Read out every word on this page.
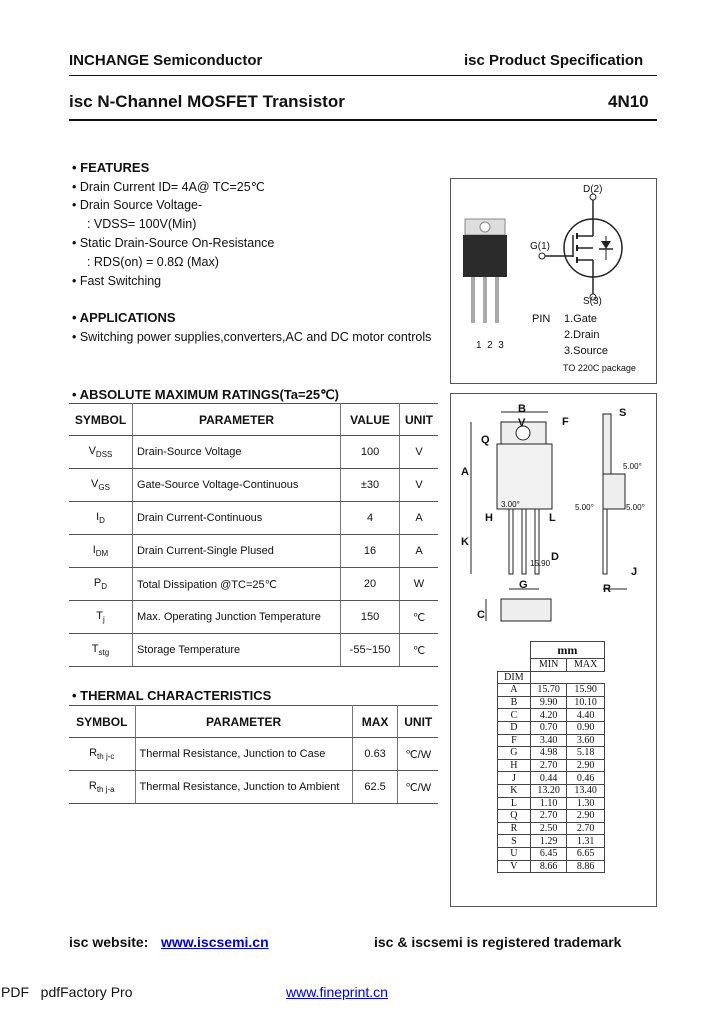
INCHANGE Semiconductor	isc Product Specification
isc N-Channel MOSFET Transistor	4N10
• FEATURES
• Drain Current ID= 4A@ TC=25℃
• Drain Source Voltage-
: VDSS= 100V(Min)
• Static Drain-Source On-Resistance
: RDS(on) = 0.8Ω (Max)
• Fast Switching
• APPLICATIONS
• Switching power supplies,converters,AC and DC motor controls
D(2)
G(1)
S(3)
1  2  3
PIN 1.Gate
2.Drain
3.Source
TO 220C package
• ABSOLUTE MAXIMUM RATINGS(Ta=25℃)
SYMBOL	PARAMETER	VALUE	UNIT
$V_{DSS}$	Drain-Source Voltage	100	V
$V_{GS}$	Gate-Source Voltage-Continuous	±30	V
$I_D$	Drain Current-Continuous	4	A
$I_{DM}$	Drain Current-Single Plused	16	A
$P_D$	Total Dissipation @TC=25℃	20	W
$T_j$	Max. Operating Junction Temperature	150	℃
$T_{stg}$	Storage Temperature	-55~150	℃
• THERMAL CHARACTERISTICS
SYMBOL	PARAMETER	MAX	UNIT
$R_{th j-c}$	Thermal Resistance, Junction to Case	0.63	℃/W
$R_{th j-a}$	Thermal Resistance, Junction to Ambient	62.5	℃/W
B
V	F
Q
A
H	L
K
D
G
C
S
J
R
3.00°
5.00°
5.00°	5.00°
15.90
	mm	
	MIN	MAX
DIM		
A	15.70	15.90
B	9.90	10.10
C	4.20	4.40
D	0.70	0.90
F	3.40	3.60
G	4.98	5.18
H	2.70	2.90
J	0.44	0.46
K	13.20	13.40
L	1.10	1.30
Q	2.70	2.90
R	2.50	2.70
S	1.29	1.31
U	6.45	6.65
V	8.66	8.86
isc website: www.iscsemi.cn	isc & iscsemi is registered trademark
PDF   pdfFactory Pro	www.fineprint.cn
